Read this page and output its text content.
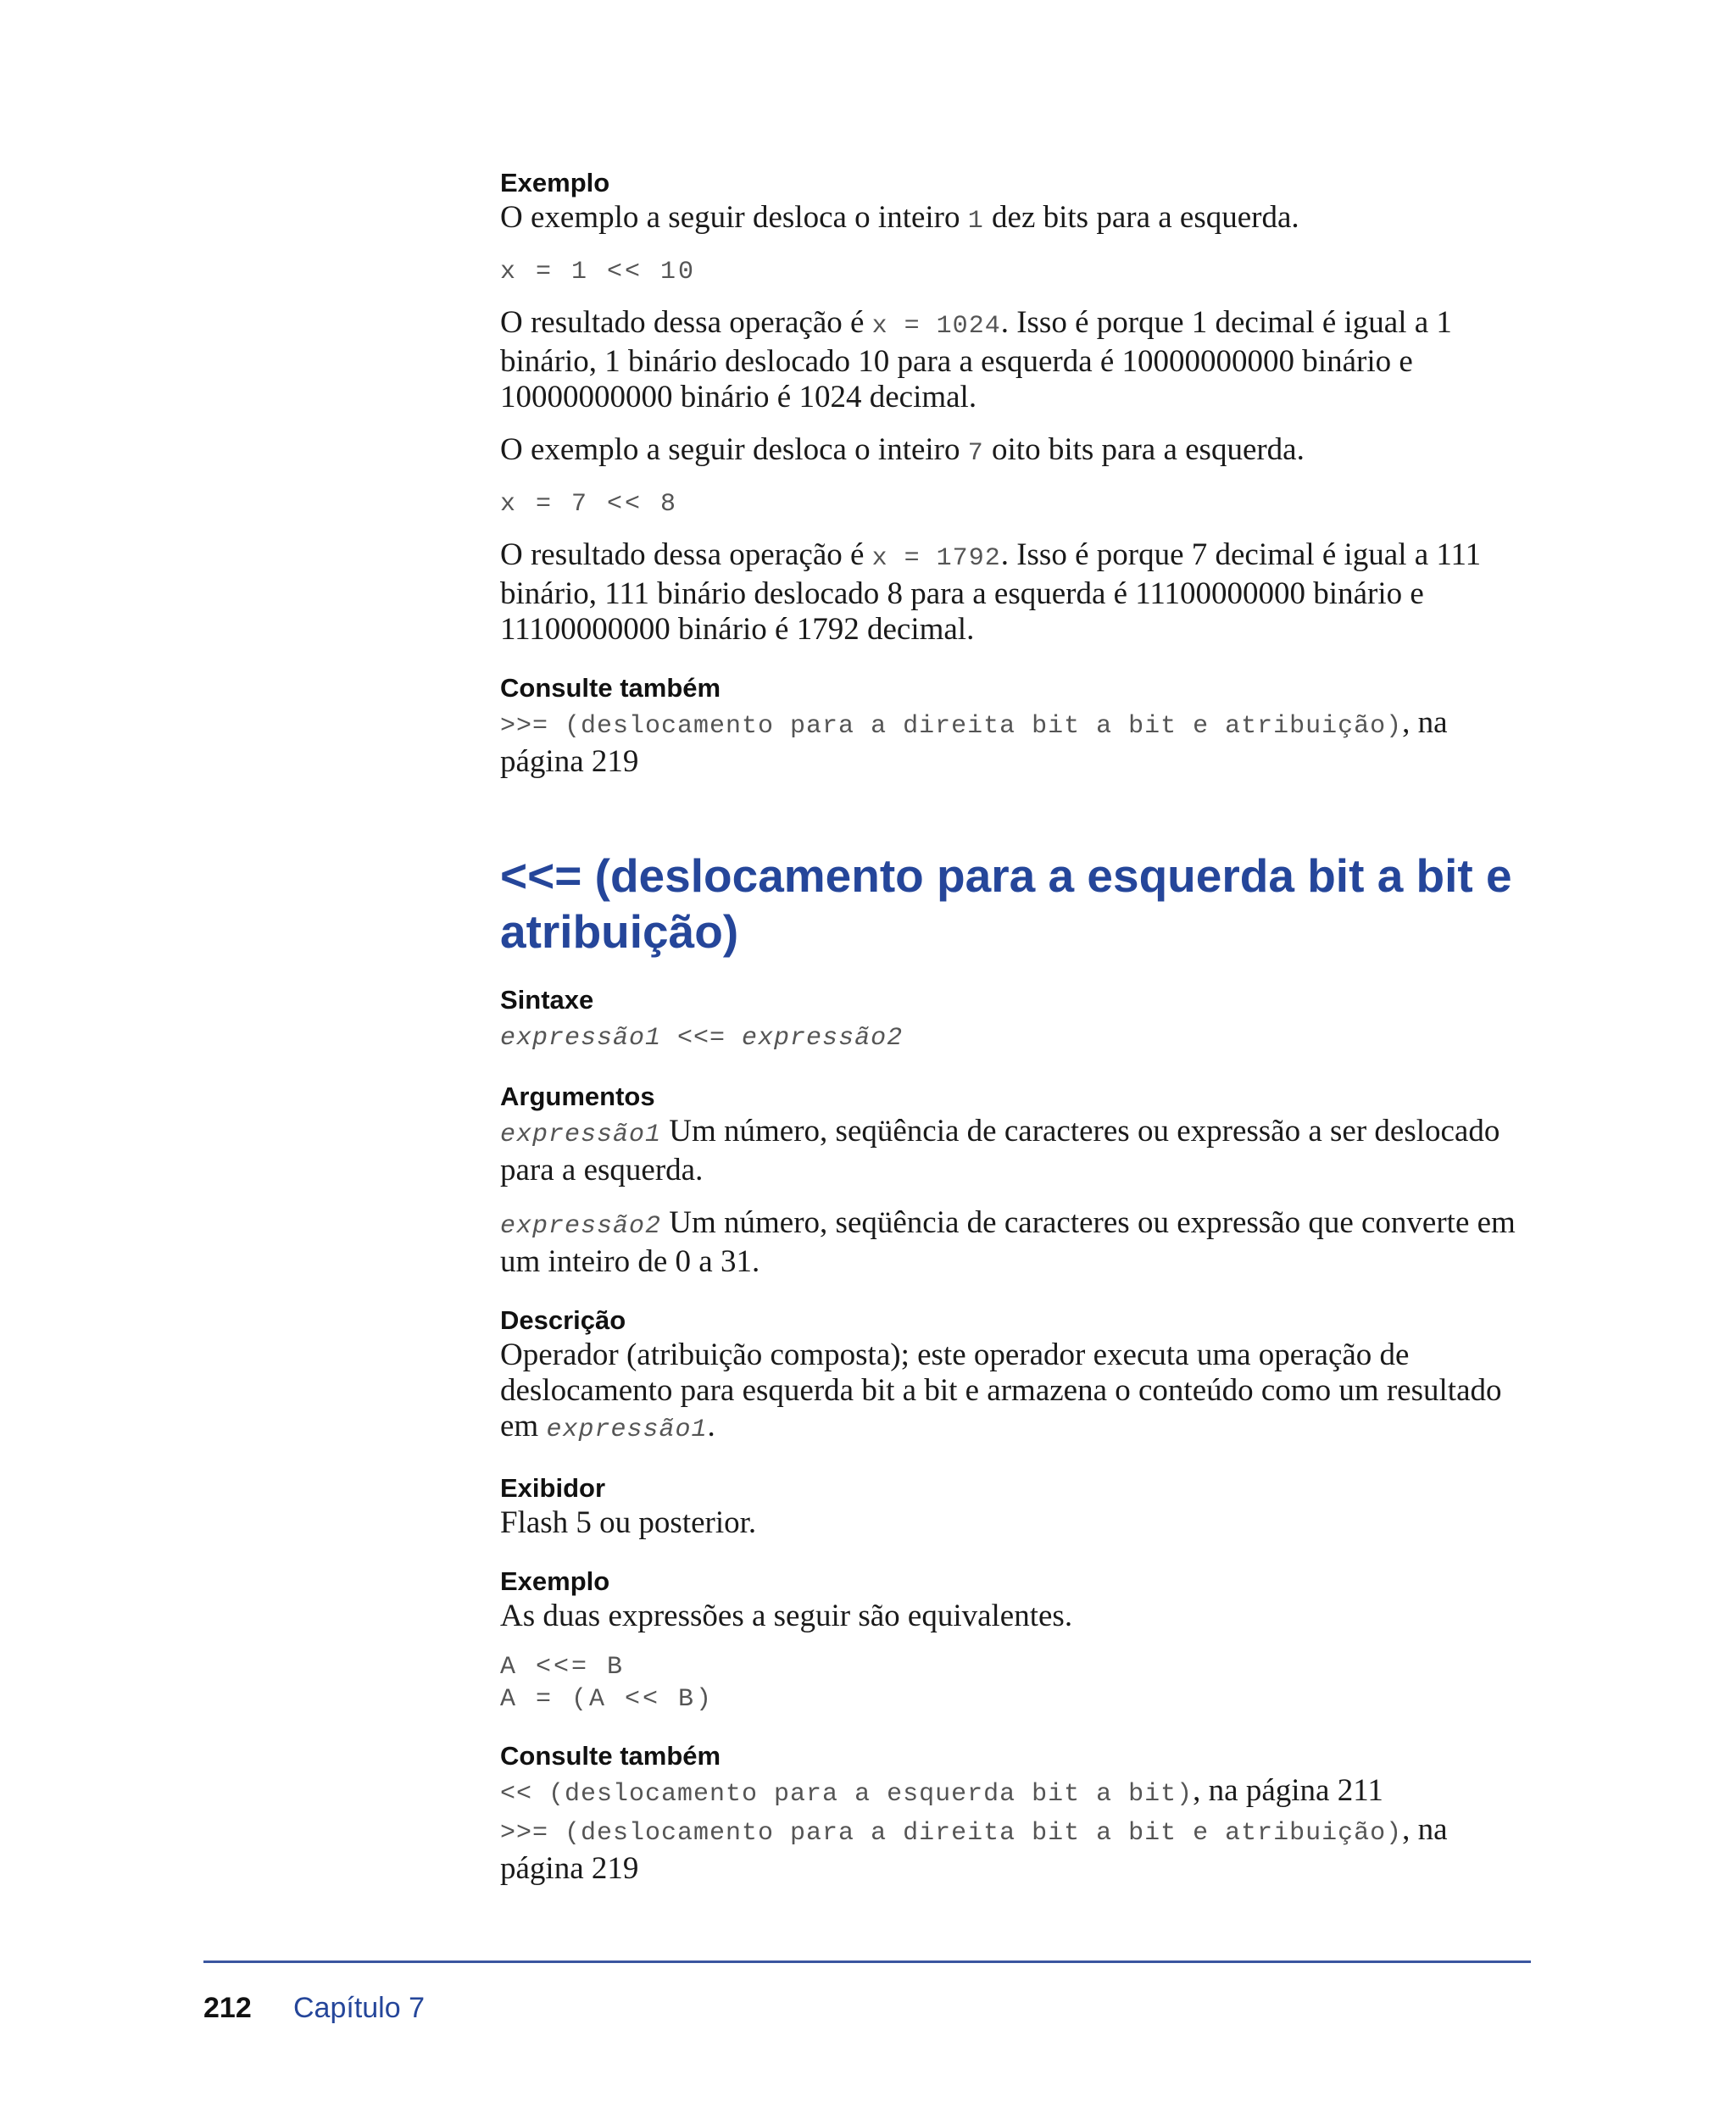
Exemplo

O exemplo a seguir desloca o inteiro 1 dez bits para a esquerda.

x = 1 << 10

O resultado dessa operação é x = 1024. Isso é porque 1 decimal é igual a 1 binário, 1 binário deslocado 10 para a esquerda é 10000000000 binário e 10000000000 binário é 1024 decimal.

O exemplo a seguir desloca o inteiro 7 oito bits para a esquerda.

x = 7 << 8

O resultado dessa operação é x = 1792. Isso é porque 7 decimal é igual a 111 binário, 111 binário deslocado 8 para a esquerda é 11100000000 binário e 11100000000 binário é 1792 decimal.

Consulte também

>>= (deslocamento para a direita bit a bit e atribuição), na página 219

<<= (deslocamento para a esquerda bit a bit e atribuição)
Sintaxe

expressão1 <<= expressão2

Argumentos

expressão1 Um número, seqüência de caracteres ou expressão a ser deslocado para a esquerda.

expressão2 Um número, seqüência de caracteres ou expressão que converte em um inteiro de 0 a 31.

Descrição

Operador (atribuição composta); este operador executa uma operação de deslocamento para esquerda bit a bit e armazena o conteúdo como um resultado em expressão1.

Exibidor

Flash 5 ou posterior.

Exemplo

As duas expressões a seguir são equivalentes.

A <<= B

A = (A << B)

Consulte também

<< (deslocamento para a esquerda bit a bit), na página 211

>>= (deslocamento para a direita bit a bit e atribuição), na página 219

212 Capítulo 7
